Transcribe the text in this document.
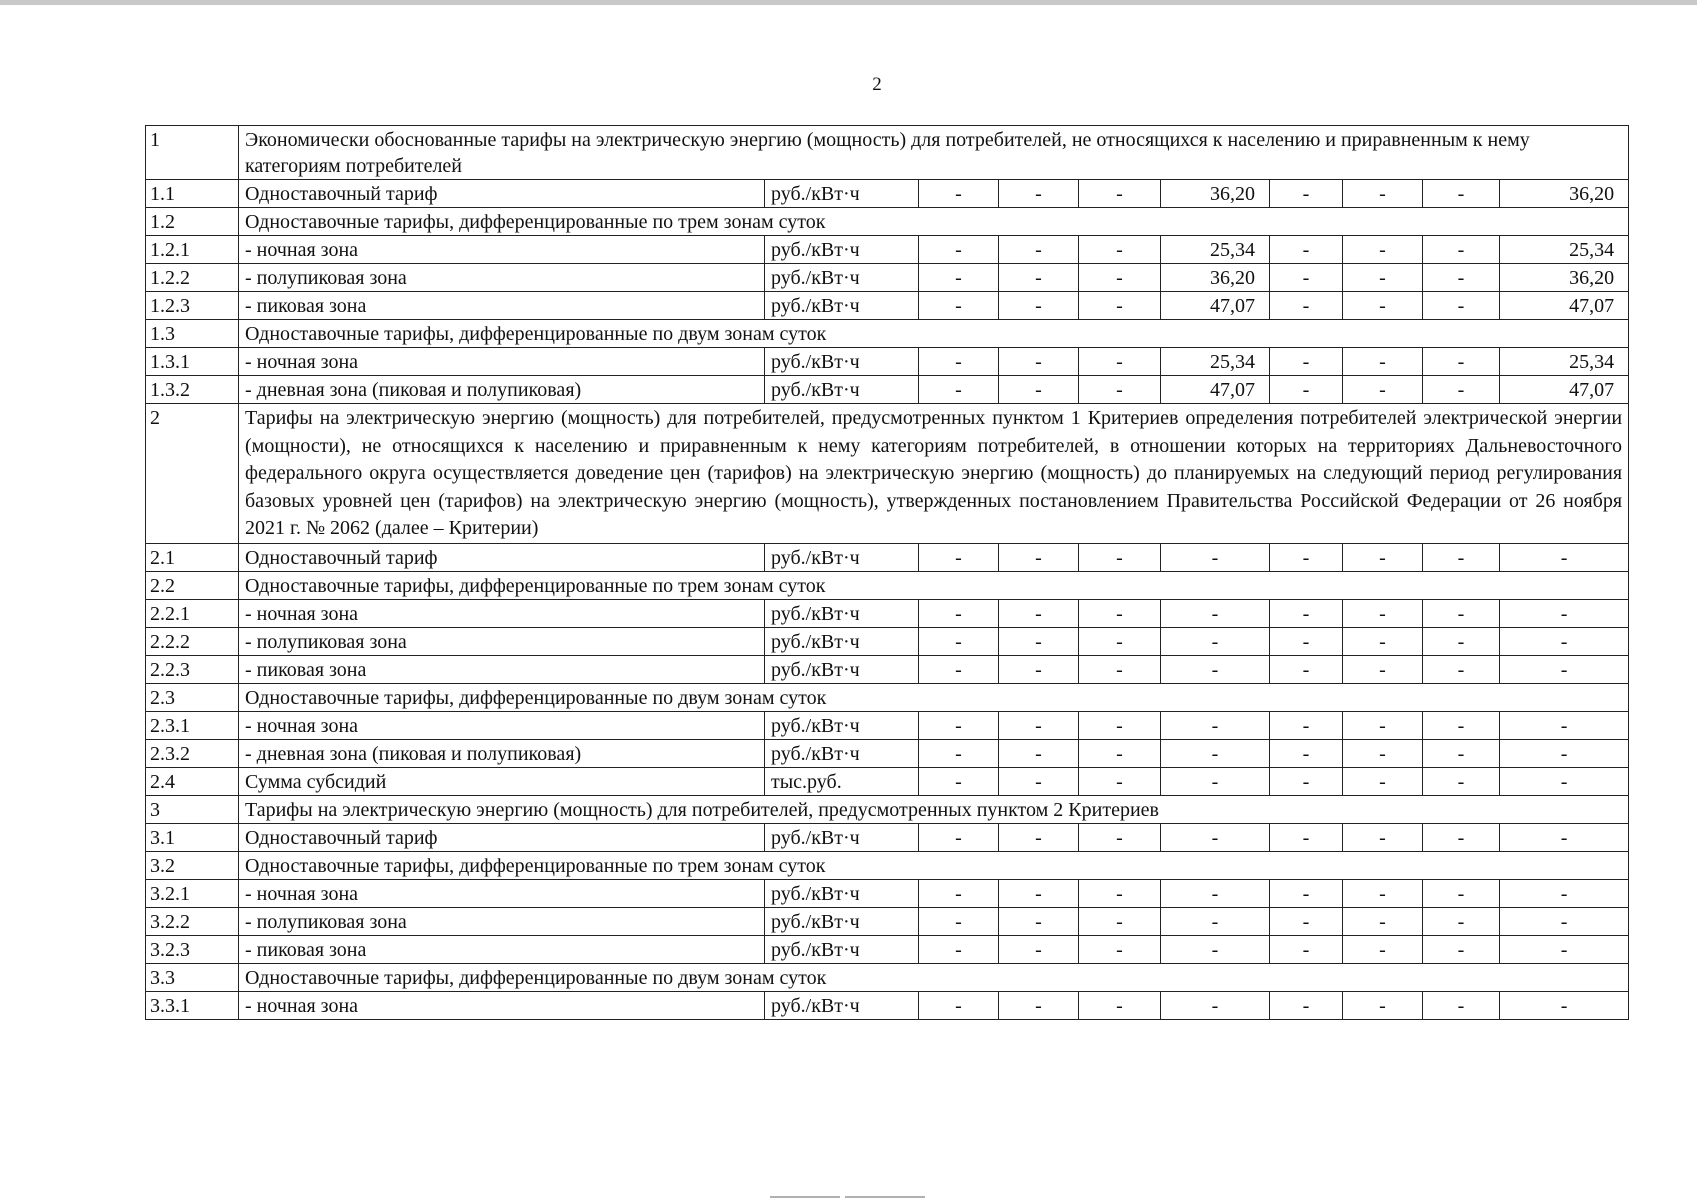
2
1	Экономически обоснованные тарифы на электрическую энергию (мощность) для потребителей, не относящихся к населению и приравненным к нему категориям потребителей									
1.1	Одноставочный тариф	руб./кВт·ч	-	-	-	36,20	-	-	-	36,20
1.2	Одноставочные тарифы, дифференцированные по трем зонам суток									
1.2.1	- ночная зона	руб./кВт·ч	-	-	-	25,34	-	-	-	25,34
1.2.2	- полупиковая зона	руб./кВт·ч	-	-	-	36,20	-	-	-	36,20
1.2.3	- пиковая зона	руб./кВт·ч	-	-	-	47,07	-	-	-	47,07
1.3	Одноставочные тарифы, дифференцированные по двум зонам суток									
1.3.1	- ночная зона	руб./кВт·ч	-	-	-	25,34	-	-	-	25,34
1.3.2	- дневная зона (пиковая и полупиковая)	руб./кВт·ч	-	-	-	47,07	-	-	-	47,07
2	Тарифы на электрическую энергию (мощность) для потребителей, предусмотренных пунктом 1 Критериев определения потребителей электрической энергии (мощности), не относящихся к населению и приравненным к нему категориям потребителей, в отношении которых на территориях Дальневосточного федерального округа осуществляется доведение цен (тарифов) на электрическую энергию (мощность) до планируемых на следующий период регулирования базовых уровней цен (тарифов) на электрическую энергию (мощность), утвержденных постановлением Правительства Российской Федерации от 26 ноября 2021 г. № 2062 (далее – Критерии)									
2.1	Одноставочный тариф	руб./кВт·ч	-	-	-	-	-	-	-	-
2.2	Одноставочные тарифы, дифференцированные по трем зонам суток									
2.2.1	- ночная зона	руб./кВт·ч	-	-	-	-	-	-	-	-
2.2.2	- полупиковая зона	руб./кВт·ч	-	-	-	-	-	-	-	-
2.2.3	- пиковая зона	руб./кВт·ч	-	-	-	-	-	-	-	-
2.3	Одноставочные тарифы, дифференцированные по двум зонам суток									
2.3.1	- ночная зона	руб./кВт·ч	-	-	-	-	-	-	-	-
2.3.2	- дневная зона (пиковая и полупиковая)	руб./кВт·ч	-	-	-	-	-	-	-	-
2.4	Сумма субсидий	тыс.руб.	-	-	-	-	-	-	-	-
3	Тарифы на электрическую энергию (мощность) для потребителей, предусмотренных пунктом 2 Критериев									
3.1	Одноставочный тариф	руб./кВт·ч	-	-	-	-	-	-	-	-
3.2	Одноставочные тарифы, дифференцированные по трем зонам суток									
3.2.1	- ночная зона	руб./кВт·ч	-	-	-	-	-	-	-	-
3.2.2	- полупиковая зона	руб./кВт·ч	-	-	-	-	-	-	-	-
3.2.3	- пиковая зона	руб./кВт·ч	-	-	-	-	-	-	-	-
3.3	Одноставочные тарифы, дифференцированные по двум зонам суток									
3.3.1	- ночная зона	руб./кВт·ч	-	-	-	-	-	-	-	-
